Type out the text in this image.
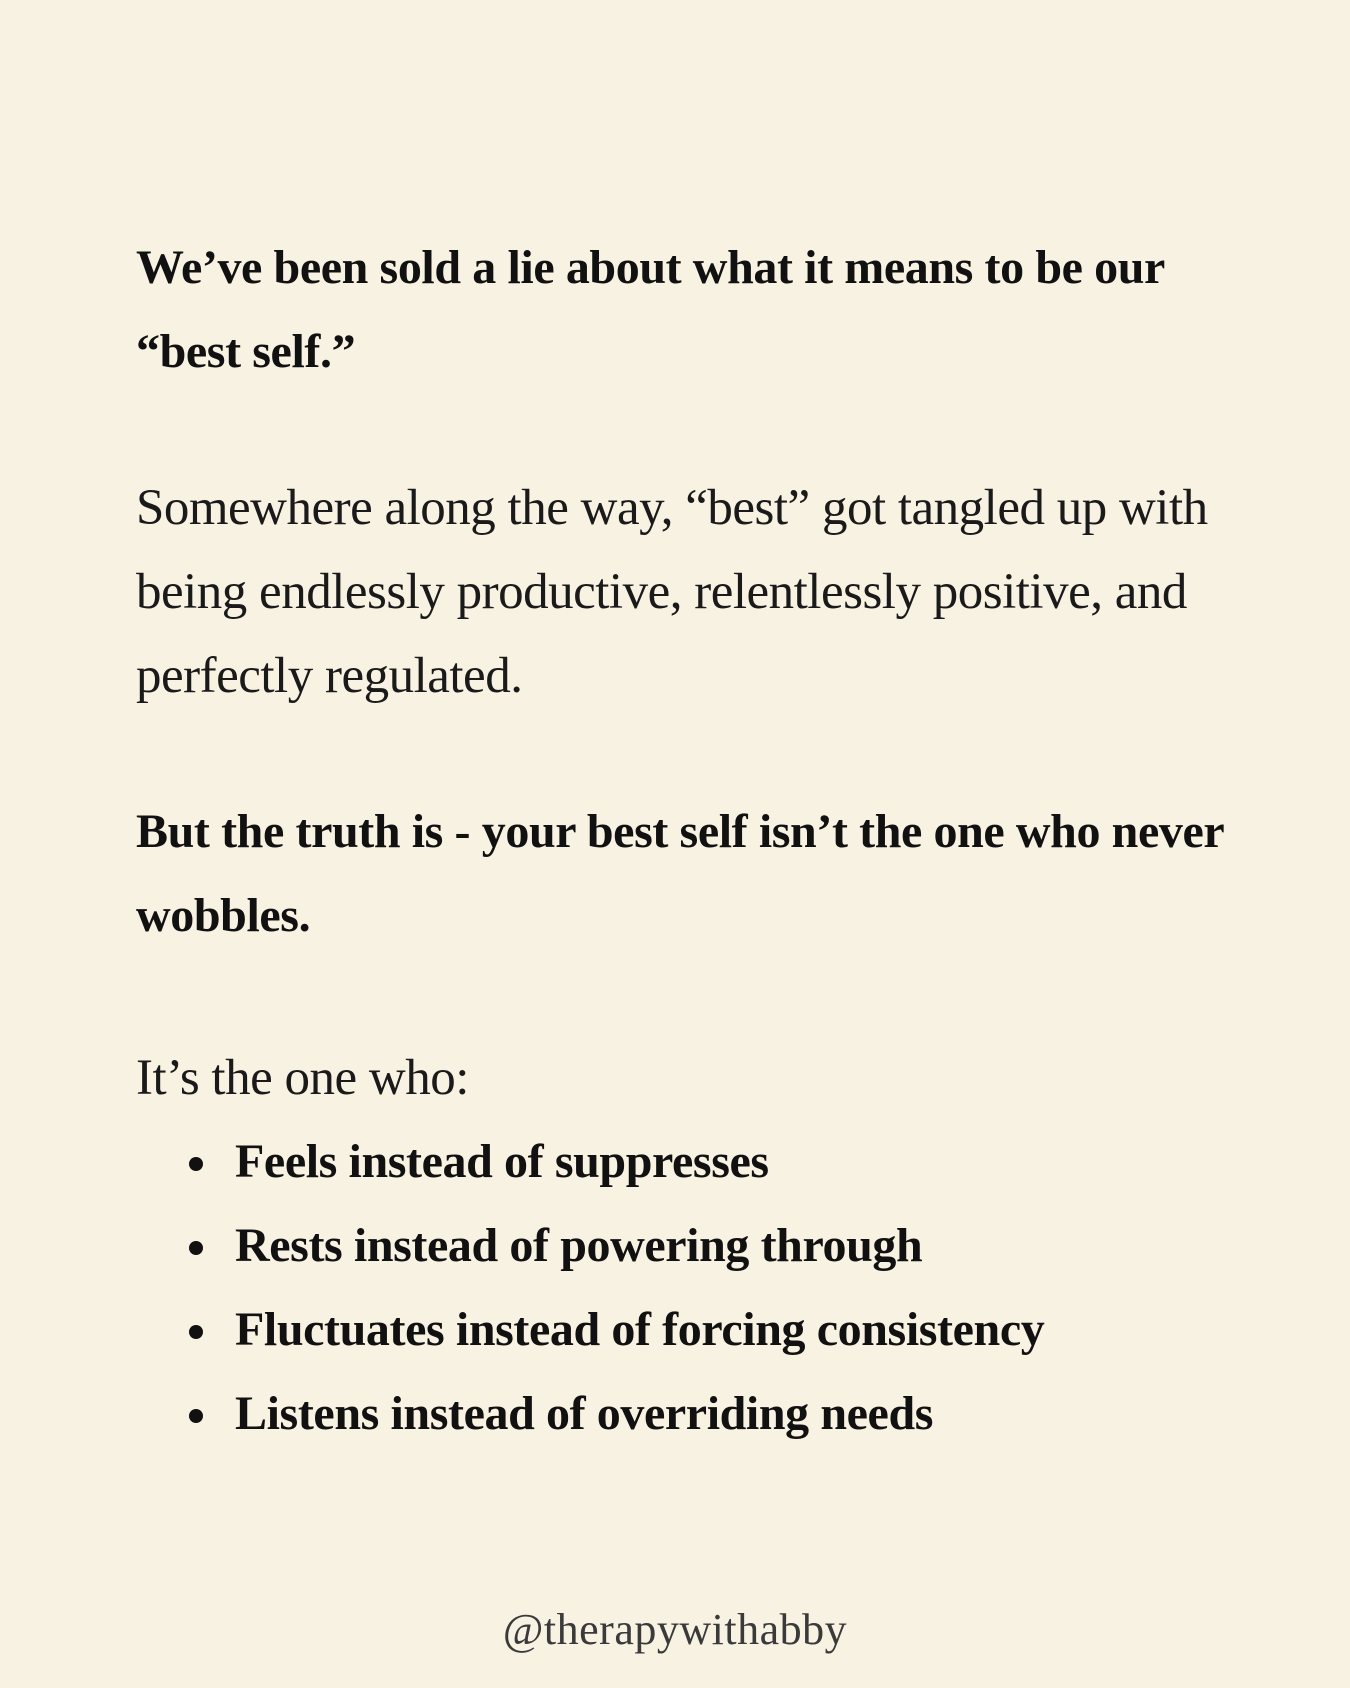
We’ve been sold a lie about what it means to be our “best self.”

Somewhere along the way, “best” got tangled up with being endlessly productive, relentlessly positive, and perfectly regulated.

But the truth is - your best self isn’t the one who never wobbles.

It’s the one who:

Feels instead of suppresses
Rests instead of powering through
Fluctuates instead of forcing consistency
Listens instead of overriding needs
@therapywithabby
